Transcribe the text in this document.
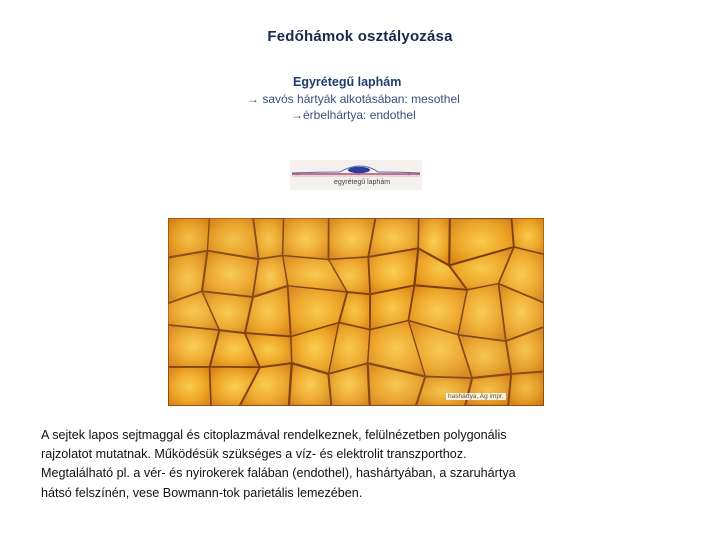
Fedőhámok osztályozása
Egyrétegű laphám
→ savós hártyák alkotásában: mesothel
→érbelhártya: endothel
×	×
egyrétegű laphám
hashártya, Ag impr.
A sejtek lapos sejtmaggal és citoplazmával rendelkeznek, felülnézetben polygonális
rajzolatot mutatnak. Működésük szükséges a víz- és elektrolit transzporthoz.
Megtalálható pl. a vér- és nyirokerek falában (endothel), hashártyában, a szaruhártya
hátsó felszínén, vese Bowmann-tok parietális lemezében.
